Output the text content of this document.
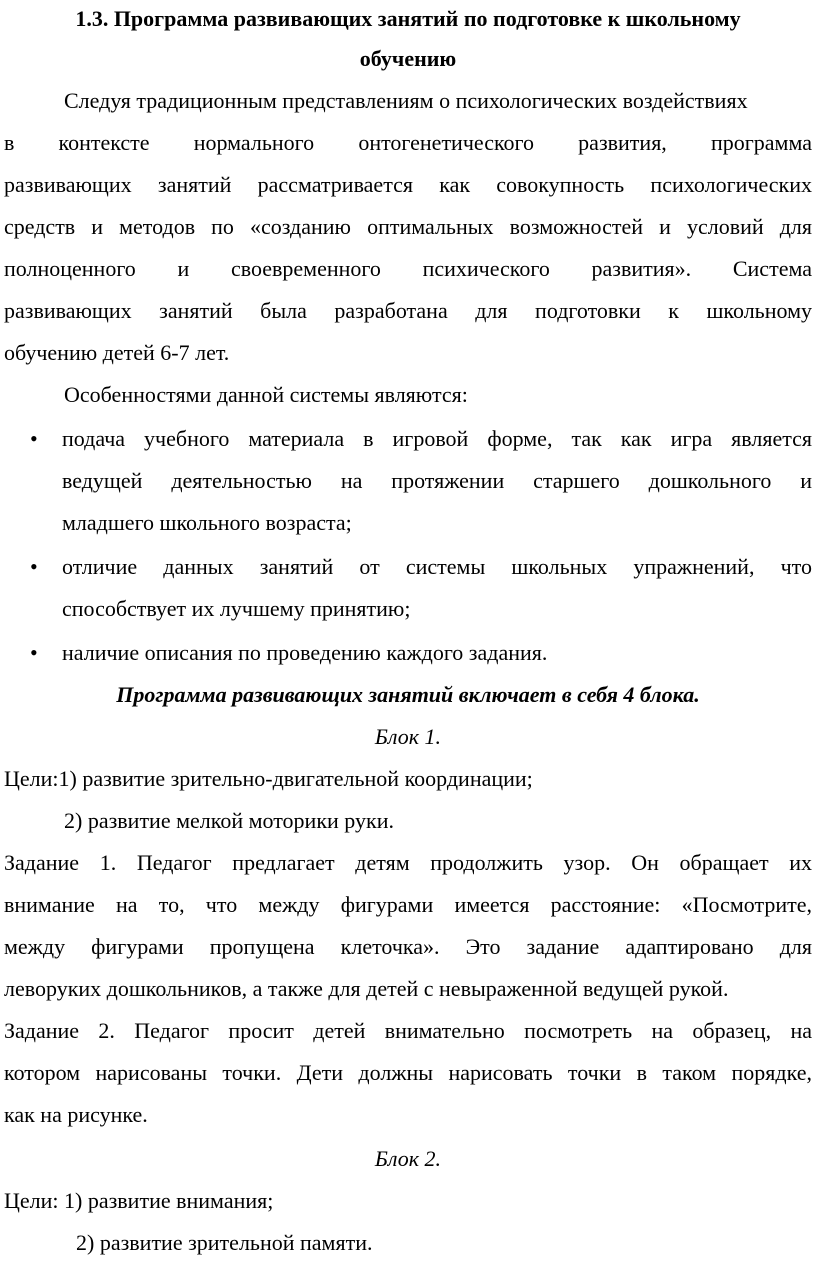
1.3. Программа развивающих занятий по подготовке к школьному
обучению
Следуя традиционным представлениям о психологических воздействиях
в контексте нормального онтогенетического развития, программа
развивающих занятий рассматривается как совокупность психологических
средств и методов по «созданию оптимальных возможностей и условий для
полноценного и своевременного психического развития». Система
развивающих занятий была разработана для подготовки к школьному
обучению детей 6-7 лет.
Особенностями данной системы являются:
• подача учебного материала в игровой форме, так как игра является
ведущей деятельностью на протяжении старшего дошкольного и
младшего школьного возраста;
• отличие данных занятий от системы школьных упражнений, что
способствует их лучшему принятию;
• наличие описания по проведению каждого задания.
Программа развивающих занятий включает в себя 4 блока.
Блок 1.
Цели:1) развитие зрительно-двигательной координации;
2) развитие мелкой моторики руки.
Задание 1. Педагог предлагает детям продолжить узор. Он обращает их
внимание на то, что между фигурами имеется расстояние: «Посмотрите,
между фигурами пропущена клеточка». Это задание адаптировано для
леворуких дошкольников, а также для детей с невыраженной ведущей рукой.
Задание 2. Педагог просит детей внимательно посмотреть на образец, на
котором нарисованы точки. Дети должны нарисовать точки в таком порядке,
как на рисунке.
Блок 2.
Цели: 1) развитие внимания;
2) развитие зрительной памяти.
